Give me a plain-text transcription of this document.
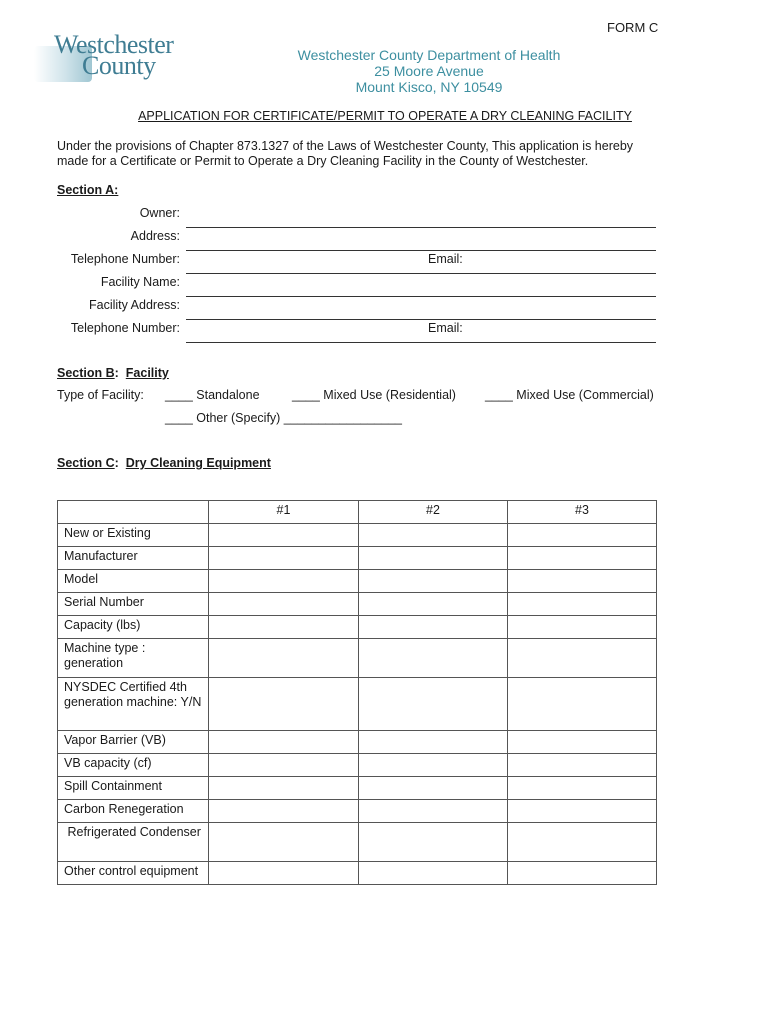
FORM C
Westchester
County	Westchester County Department of Health
25 Moore Avenue
Mount Kisco, NY 10549
APPLICATION FOR CERTIFICATE/PERMIT TO OPERATE A DRY CLEANING FACILITY
Under the provisions of Chapter 873.1327 of the Laws of Westchester County, This application is hereby
made for a Certificate or Permit to Operate a Dry Cleaning Facility in the County of Westchester.
Section A:
Owner:
Address:
Telephone Number:	Email:
Facility Name:
Facility Address:
Telephone Number:	Email:
Section B: Facility
Type of Facility: ____ Standalone	____ Mixed Use (Residential) ____ Mixed Use (Commercial)
____ Other (Specify) _________________
Section C: Dry Cleaning Equipment
	#1	#2	#3
New or Existing			
Manufacturer			
Model			
Serial Number			
Capacity (lbs)			
Machine type : generation			
NYSDEC Certified 4th generation machine: Y/N			
Vapor Barrier (VB)			
VB capacity (cf)			
Spill Containment			
Carbon Renegeration			
Refrigerated Condenser			
Other control equipment			
